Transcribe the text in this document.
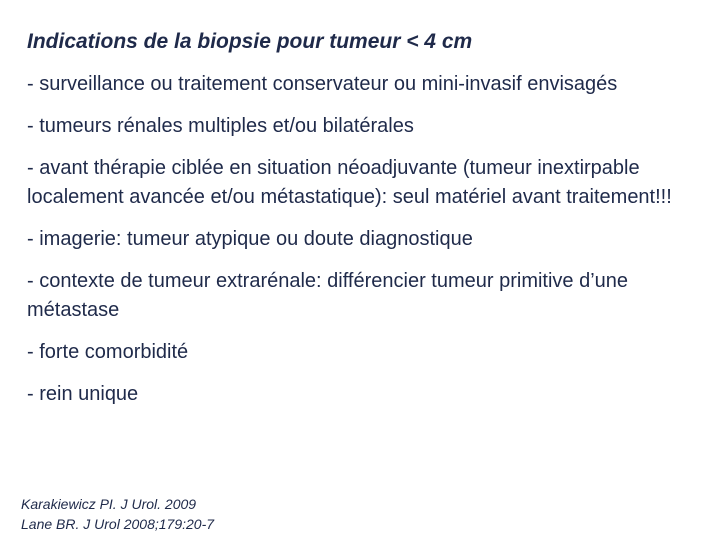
Indications de la biopsie pour tumeur < 4 cm
- surveillance ou traitement conservateur ou mini-invasif envisagés
- tumeurs rénales multiples et/ou bilatérales
- avant thérapie ciblée en situation néoadjuvante (tumeur inextirpable localement avancée et/ou métastatique): seul matériel avant traitement!!!
- imagerie: tumeur atypique ou doute diagnostique
- contexte de tumeur extrarénale: différencier tumeur primitive d’une métastase
- forte comorbidité
- rein unique
Karakiewicz PI. J Urol. 2009
Lane BR. J Urol 2008;179:20-7
